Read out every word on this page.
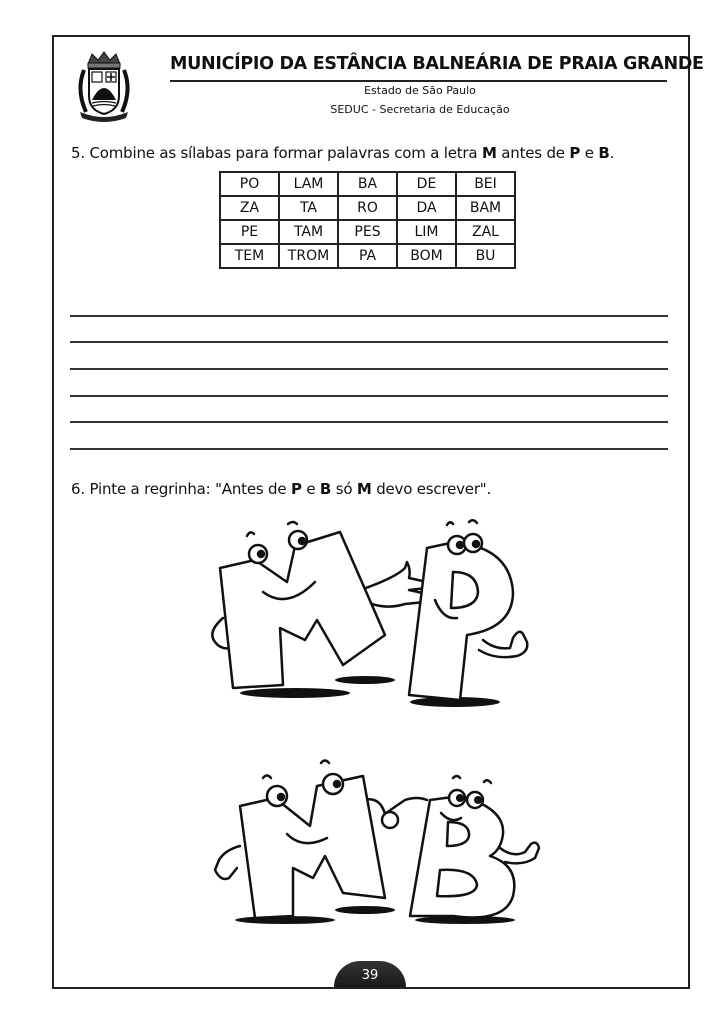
MUNICÍPIO DA ESTÂNCIA BALNEÁRIA DE PRAIA GRANDE
Estado de São Paulo
SEDUC - Secretaria de Educação
5. Combine as sílabas para formar palavras com a letra M antes de P e B.
PO	LAM	BA	DE	BEI
ZA	TA	RO	DA	BAM
PE	TAM	PES	LIM	ZAL
TEM	TROM	PA	BOM	BU
6. Pinte a regrinha: "Antes de P e B só M devo escrever".
39
